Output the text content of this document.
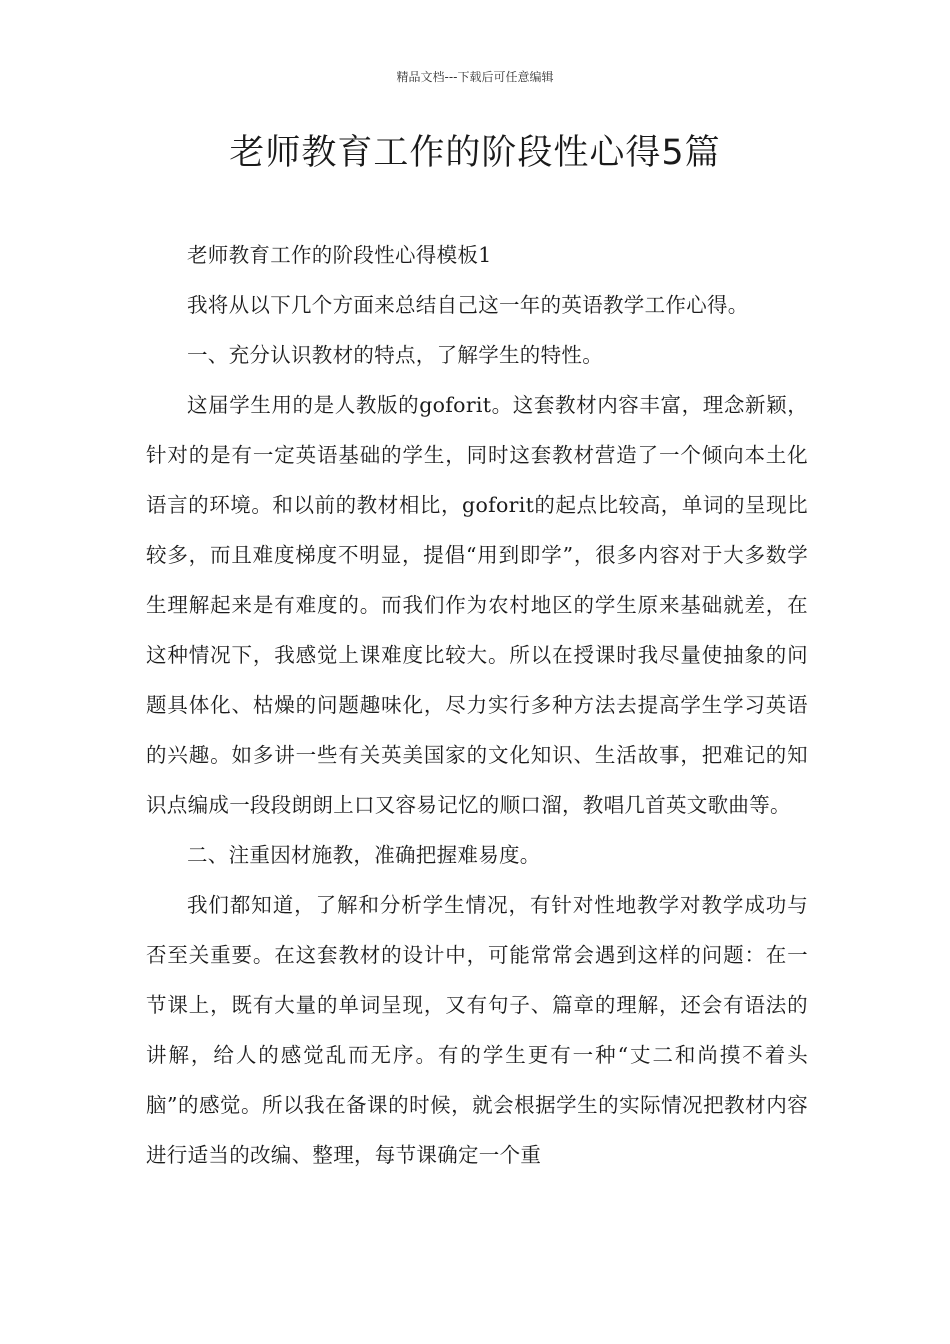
精品文档---下载后可任意编辑
老师教育工作的阶段性心得5篇

老师教育工作的阶段性心得模板1

我将从以下几个方面来总结自己这一年的英语教学工作心得。

一、充分认识教材的特点，了解学生的特性。

这届学生用的是人教版的goforit。这套教材内容丰富，理念新颖，针对的是有一定英语基础的学生，同时这套教材营造了一个倾向本土化语言的环境。和以前的教材相比，goforit的起点比较高，单词的呈现比较多，而且难度梯度不明显，提倡“用到即学”，很多内容对于大多数学生理解起来是有难度的。而我们作为农村地区的学生原来基础就差，在这种情况下，我感觉上课难度比较大。所以在授课时我尽量使抽象的问题具体化、枯燥的问题趣味化，尽力实行多种方法去提高学生学习英语的兴趣。如多讲一些有关英美国家的文化知识、生活故事，把难记的知识点编成一段段朗朗上口又容易记忆的顺口溜，教唱几首英文歌曲等。

二、注重因材施教，准确把握难易度。

我们都知道，了解和分析学生情况，有针对性地教学对教学成功与否至关重要。在这套教材的设计中，可能常常会遇到这样的问题：在一节课上，既有大量的单词呈现，又有句子、篇章的理解，还会有语法的讲解，给人的感觉乱而无序。有的学生更有一种“丈二和尚摸不着头脑”的感觉。所以我在备课的时候，就会根据学生的实际情况把教材内容进行适当的改编、整理，每节课确定一个重
